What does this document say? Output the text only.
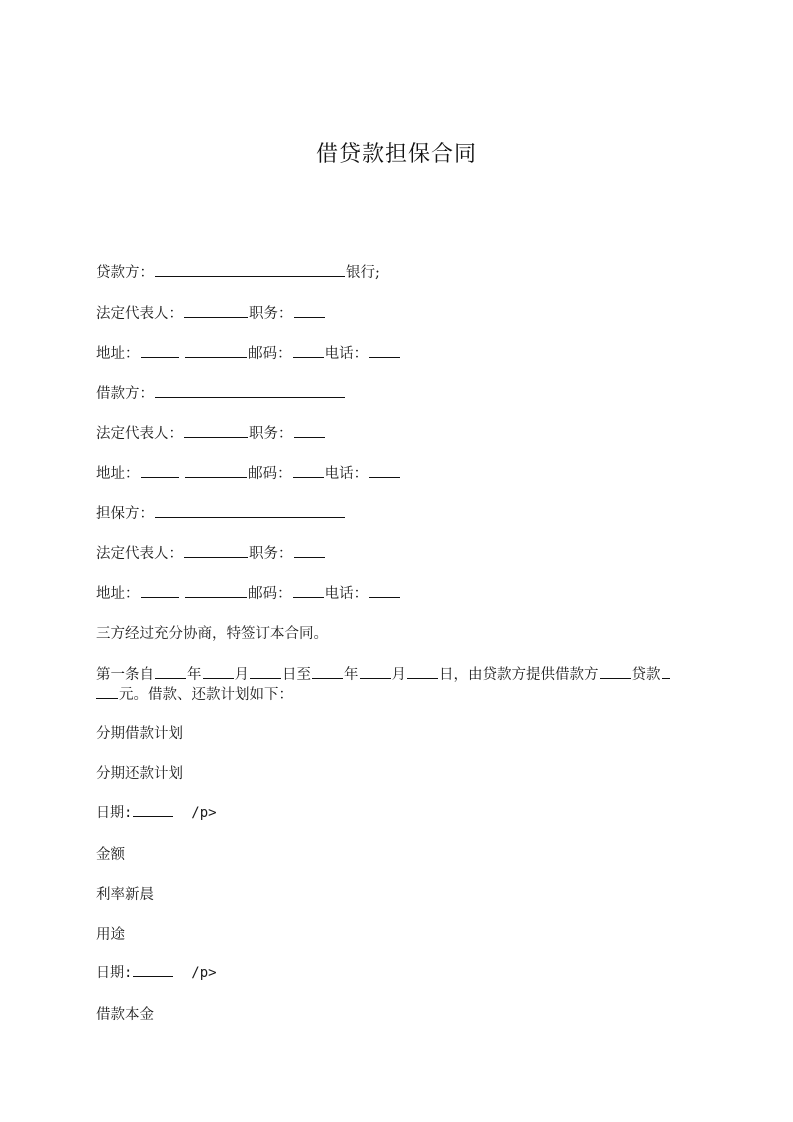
借贷款担保合同
贷款方：	银行;
法定代表人：	职务：
地址：	邮码： 电话：
借款方：
法定代表人：	职务：
地址：	邮码： 电话：
担保方：
法定代表人：	职务：
地址：	邮码： 电话：
三方经过充分协商，特签订本合同。
第一条自 年 月 日至 年 月 日，由贷款方提供借款方 贷款
元。借款、还款计划如下：
分期借款计划
分期还款计划
日期:	/p>
金额
利率新晨
用途
日期:	/p>
借款本金
